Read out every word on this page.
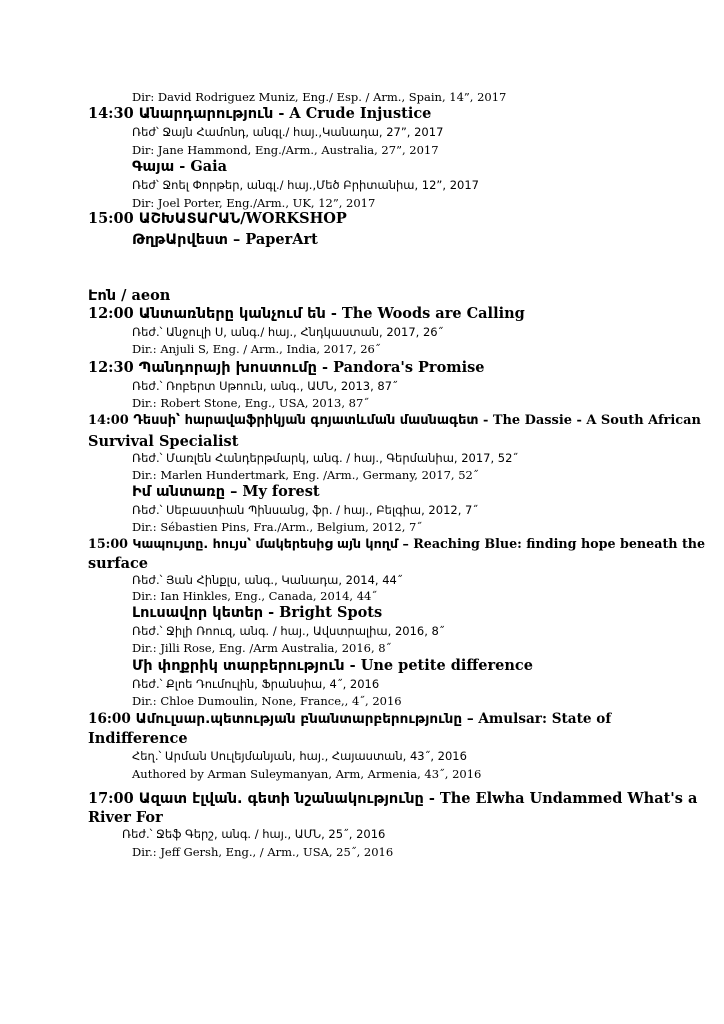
Dir: David Rodriguez Muniz, Eng./ Esp. / Arm., Spain, 14”, 2017
14:30 Անարդարություն - A Crude Injustice
Ռեժ՝ Ջայն Համոնդ, անգլ./ հայ.,Կանադա, 27”, 2017
Dir: Jane Hammond, Eng./Arm., Australia, 27”, 2017
Գայա - Gaia
Ռեժ՝ Ջոել Փորթեր, անգլ./ հայ.,Մեծ Բրիտանիա, 12”, 2017
Dir: Joel Porter, Eng./Arm., UK, 12”, 2017
15:00 ԱՇԽԱՏԱՐԱՆ/WORKSHOP
ԹղթԱրվեստ – PaperArt
Էոն / aeon
12:00 Անտառները կանչում են - The Woods are Calling
Ռեժ.՝ Անջուլի Ս, անգ./ հայ., Հնդկաստան, 2017, 26˝
Dir.: Anjuli S, Eng. / Arm., India, 2017, 26˝
12:30 Պանդորայի խոստումը - Pandora's Promise
Ռեժ.՝ Ռոբերտ Սթոուն, անգ., ԱՄՆ, 2013, 87˝
Dir.: Robert Stone, Eng., USA, 2013, 87˝
14:00 Դեսսի՝ հարավաֆրիկյան գոյատևման մասնագետ - The Dassie - A South African
Survival Specialist
Ռեժ.՝ Մառլեն Հանդերթմարկ, անգ. / հայ., Գերմանիա, 2017, 52˝
Dir.: Marlen Hundertmark, Eng. /Arm., Germany, 2017, 52˝
Իմ անտառը – My forest
Ռեժ.՝ Սեբաստիան Պինսանց, ֆր. / հայ., Բելգիա, 2012, 7˝
Dir.: Sébastien Pins, Fra./Arm., Belgium, 2012, 7˝
15:00 Կապույտը. հույս՝ մակերեսից այն կողմ – Reaching Blue: finding hope beneath the
surface
Ռեժ.՝ Յան Հինքլս, անգ., Կանադա, 2014, 44˝
Dir.: Ian Hinkles, Eng., Canada, 2014, 44˝
Լուսավոր կետեր - Bright Spots
Ռեժ.՝ Ջիլի Ռոուզ, անգ. / հայ., Ավստրալիա, 2016, 8˝
Dir.: Jilli Rose, Eng. /Arm Australia, 2016, 8˝
Մի փոքրիկ տարբերություն - Une petite difference
Ռեժ.՝ Քլոե Դումուլին, Ֆրանսիա, 4˝, 2016
Dir.: Chloe Dumoulin, None, France,, 4˝, 2016
16:00 Ամուլսար.պետության բնանտարբերությունը – Amulsar: State of
Indifference
Հեղ.՝ Արման Սուլեյմանյան, հայ., Հայաստան, 43˝, 2016
Authored by Arman Suleymanyan, Arm, Armenia, 43˝, 2016
17:00 Ազատ էլվան. գետի նշանակությունը - The Elwha Undammed What's a
River For
Ռեժ.՝ Ջեֆ Գերշ, անգ. / հայ., ԱՄՆ, 25˝, 2016
Dir.: Jeff Gersh, Eng., / Arm., USA, 25˝, 2016
